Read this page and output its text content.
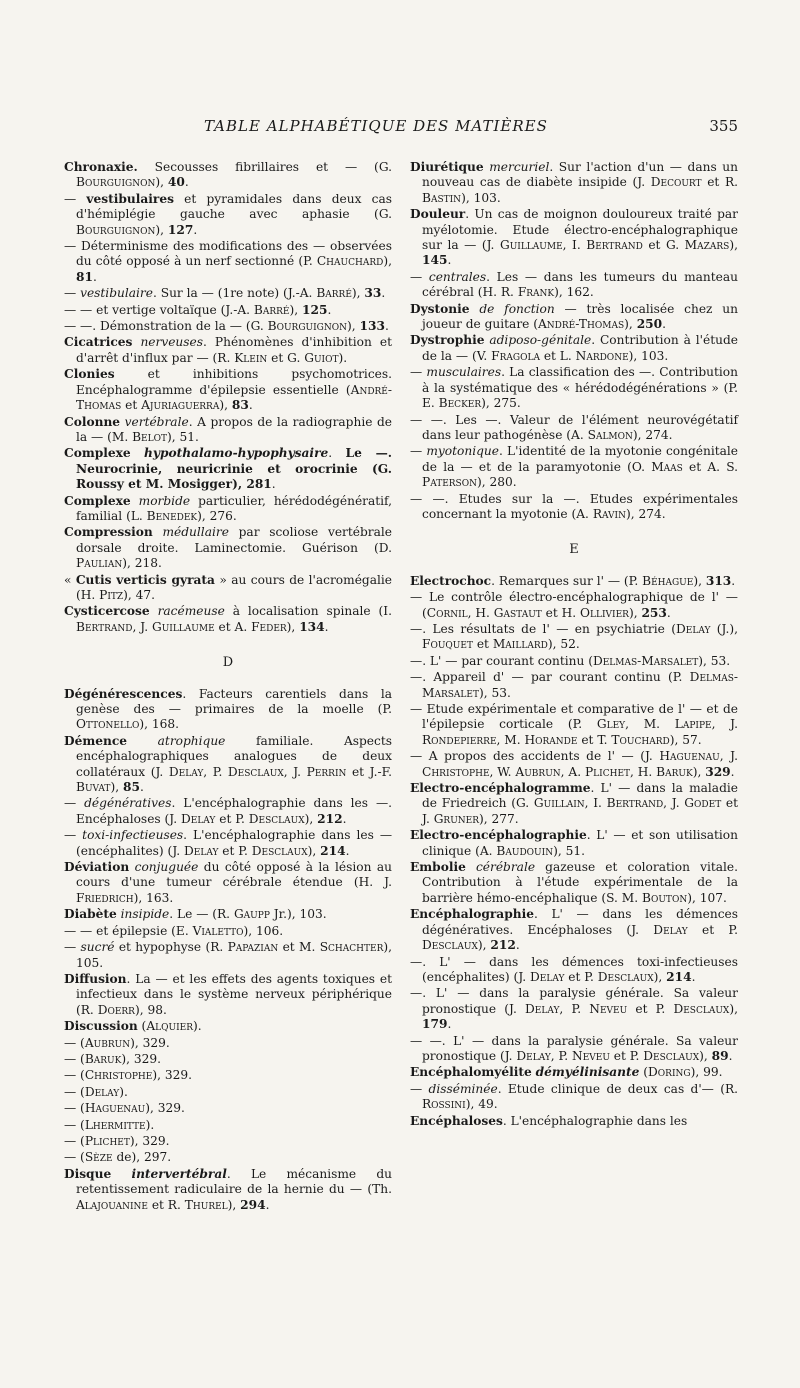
TABLE ALPHABÉTIQUE DES MATIÈRES	355

Chronaxie. Secousses fibrillaires et — (G. Bourguignon), 40.

— vestibulaires et pyramidales dans deux cas d'hémiplégie gauche avec aphasie (G. Bourguignon), 127.

— Déterminisme des modifications des — observées du côté opposé à un nerf sectionné (P. Chauchard), 81.

— vestibulaire. Sur la — (1re note) (J.-A. Barré), 33.

— — et vertige voltaïque (J.-A. Barré), 125.

— —. Démonstration de la — (G. Bourguignon), 133.

Cicatrices nerveuses. Phénomènes d'inhibition et d'arrêt d'influx par — (R. Klein et G. Guiot).

Clonies et inhibitions psychomotrices. Encéphalogramme d'épilepsie essentielle (André-Thomas et Ajuriaguerra), 83.

Colonne vertébrale. A propos de la radiographie de la — (M. Belot), 51.

Complexe hypothalamo-hypophysaire. Le —. Neurocrinie, neuricrinie et orocrinie (G. Roussy et M. Mosigger), 281.

Complexe morbide particulier, hérédodégénératif, familial (L. Benedek), 276.

Compression médullaire par scoliose vertébrale dorsale droite. Laminectomie. Guérison (D. Paulian), 218.

« Cutis verticis gyrata » au cours de l'acromégalie (H. Pitz), 47.

Cysticercose racémeuse à localisation spinale (I. Bertrand, J. Guillaume et A. Feder), 134.

D

Dégénérescences. Facteurs carentiels dans la genèse des — primaires de la moelle (P. Ottonello), 168.

Démence	atrophique familiale. Aspects encéphalographiques analogues de deux collatéraux (J. Delay, P. Desclaux, J. Perrin et J.-F. Buvat), 85.

— dégénératives. L'encéphalographie dans les —. Encéphaloses (J. Delay et P. Desclaux), 212.

— toxi-infectieuses. L'encéphalographie dans les — (encéphalites) (J. Delay et P. Desclaux), 214.

Déviation conjuguée du côté opposé à la lésion au cours d'une tumeur cérébrale étendue (H. J. Friedrich), 163.

Diabète insipide. Le — (R. Gaupp Jr.), 103.

— — et épilepsie (E. Vialetto), 106.

— sucré et hypophyse (R. Papazian et M. Schachter), 105.

Diffusion. La — et les effets des agents toxiques et infectieux dans le système nerveux périphérique (R. Doerr), 98.

Discussion (Alquier).

— (Aubrun), 329.

— (Baruk), 329.

— (Christophe), 329.

— (Delay).

— (Haguenau), 329.

— (Lhermitte).

— (Plichet), 329.

— (Sèze de), 297.

Disque intervertébral. Le mécanisme du retentissement radiculaire de la hernie du — (Th. Alajouanine et R. Thurel), 294.

Diurétique mercuriel. Sur l'action d'un — dans un nouveau cas de diabète insipide (J. Decourt et R. Bastin), 103.

Douleur. Un cas de moignon douloureux traité par myélotomie. Etude électro-encéphalographique sur la — (J. Guillaume, I. Bertrand et G. Mazars), 145.

— centrales. Les — dans les tumeurs du manteau cérébral (H. R. Frank), 162.

Dystonie de fonction — très localisée chez un joueur de guitare (André-Thomas), 250.

Dystrophie adiposo-génitale. Contribution à l'étude de la — (V. Fragola et L. Nardone), 103.

— musculaires. La classification des —. Contribution à la systématique des « hérédodégénérations » (P. E. Becker), 275.

— —. Les —. Valeur de l'élément neurovégétatif dans leur pathogénèse (A. Salmon), 274.

— myotonique. L'identité de la myotonie congénitale de la — et de la paramyotonie (O. Maas et A. S. Paterson), 280.

— —. Etudes sur la —. Etudes expérimentales concernant la myotonie (A. Ravin), 274.

E

Electrochoc. Remarques sur l' — (P. Béhague), 313.

— Le contrôle électro-encéphalographique de l' — (Cornil, H. Gastaut et H. Ollivier), 253.

—. Les résultats de l' — en psychiatrie (Delay (J.), Fouquet et Maillard), 52.

—. L' — par courant continu (Delmas-Marsalet), 53.

—. Appareil d' — par courant continu (P. Delmas-Marsalet), 53.

— Etude expérimentale et comparative de l' — et de l'épilepsie corticale (P. Gley, M. Lapipe, J. Rondepierre, M. Horande et T. Touchard), 57.

— A propos des accidents de l' — (J. Haguenau, J. Christophe, W. Aubrun, A. Plichet, H. Baruk), 329.

Electro-encéphalogramme. L' — dans la maladie de Friedreich (G. Guillain, I. Bertrand, J. Godet et J. Gruner), 277.

Electro-encéphalographie. L' — et son utilisation clinique (A. Baudouin), 51.

Embolie cérébrale gazeuse et coloration vitale. Contribution à l'étude expérimentale de la barrière hémo-encéphalique (S. M. Bouton), 107.

Encéphalographie. L' — dans les démences dégénératives. Encéphaloses (J. Delay et P. Desclaux), 212.

—. L' — dans les démences toxi-infectieuses (encéphalites) (J. Delay et P. Desclaux), 214.

—. L' — dans la paralysie générale. Sa valeur pronostique (J. Delay, P. Neveu et P. Desclaux), 179.

— —. L' — dans la paralysie générale. Sa valeur pronostique (J. Delay, P. Neveu et P. Desclaux), 89.

Encéphalomyélite démyélinisante (Doring), 99.

— disséminée. Etude clinique de deux cas d'— (R. Rossini), 49.

Encéphaloses. L'encéphalographie dans les
